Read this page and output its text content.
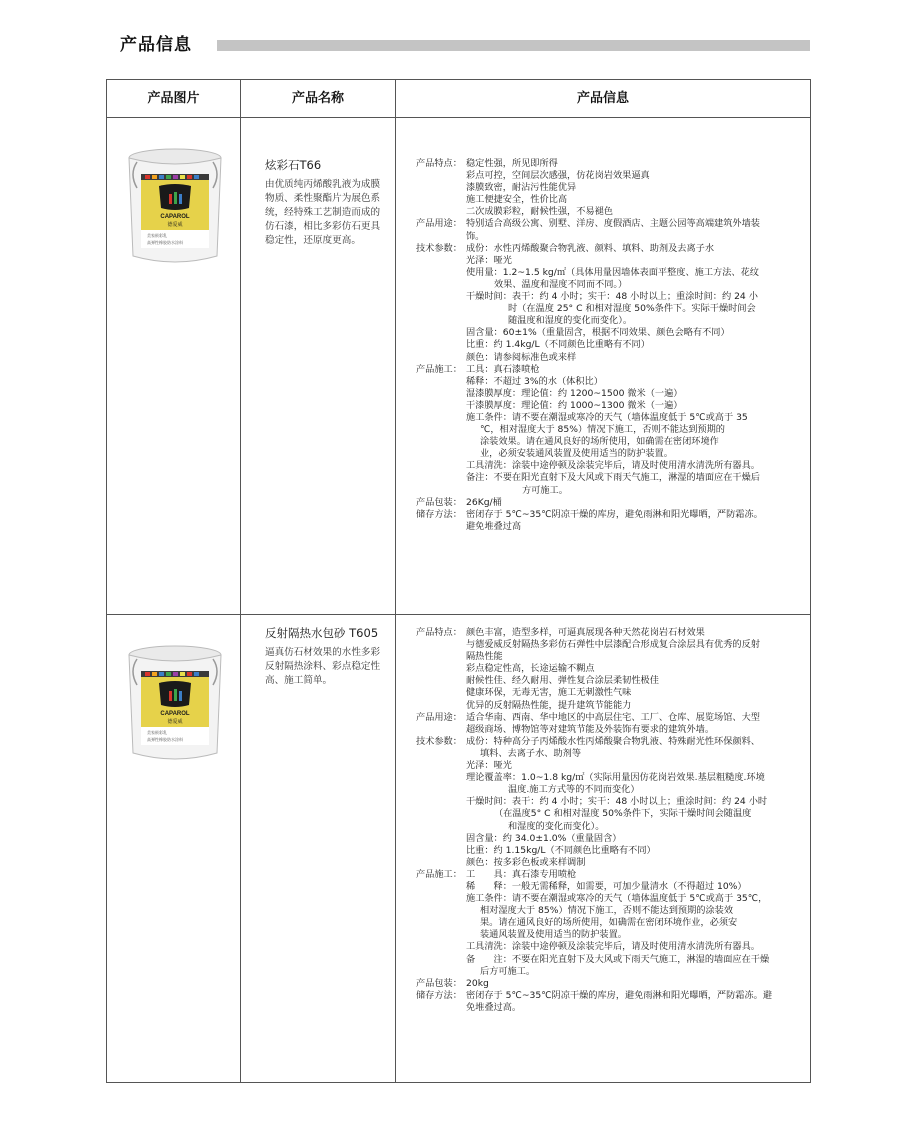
产品信息
产品图片	产品名称	产品信息
CAPAROL
德爱威
美家极彩乳
高弹性橡胶防水涂料
炫彩石T66
由优质纯丙烯酸乳液为成膜物质、柔性聚酯片为展色系统，经特殊工艺制造而成的仿石漆，相比多彩仿石更具稳定性，还原度更高。
产品特点： 稳定性强，所见即所得
彩点可控，空间层次感强，仿花岗岩效果逼真
漆膜致密，耐沾污性能优异
施工便捷安全，性价比高
二次成膜彩粒，耐候性强，不易褪色
产品用途： 特别适合高级公寓、别墅、洋房、度假酒店、主题公园等高端建筑外墙装
饰。
技术参数： 成份：水性丙烯酸聚合物乳液、颜料、填料、助剂及去离子水
光泽：哑光
使用量：1.2~1.5 kg/㎡（具体用量因墙体表面平整度、施工方法、花纹
效果、温度和湿度不同而不同。）
干燥时间：表干：约 4 小时；实干：48 小时以上；重涂时间：约 24 小
时（在温度 25° C 和相对湿度 50%条件下。实际干燥时间会
随温度和湿度的变化而变化）。
固含量：60±1%（重量固含，根据不同效果、颜色会略有不同）
比重：约 1.4kg/L（不同颜色比重略有不同）
颜色：请参阅标准色或来样
产品施工： 工具：真石漆喷枪
稀释：不超过 3%的水（体积比）
湿漆膜厚度：理论值：约 1200~1500 微米（一遍）
干漆膜厚度：理论值：约 1000~1300 微米（一遍）
施工条件：请不要在潮湿或寒冷的天气（墙体温度低于 5℃或高于 35
℃，相对湿度大于 85%）情况下施工，否则不能达到预期的
涂装效果。请在通风良好的场所使用，如确需在密闭环境作
业，必须安装通风装置及使用适当的防护装置。
工具清洗：涂装中途停顿及涂装完毕后，请及时使用清水清洗所有器具。
备注：不要在阳光直射下及大风或下雨天气施工，淋湿的墙面应在干燥后
方可施工。
产品包装： 26Kg/桶
储存方法： 密闭存于 5℃~35℃阴凉干燥的库房，避免雨淋和阳光曝晒，严防霜冻。
避免堆叠过高
CAPAROL
德爱威
美家极彩乳
高弹性橡胶防水涂料
反射隔热水包砂 T605
逼真仿石材效果的水性多彩反射隔热涂料、彩点稳定性高、施工简单。
产品特点： 颜色丰富，造型多样，可逼真展现各种天然花岗岩石材效果
与德爱威反射隔热多彩仿石弹性中层漆配合形成复合涂层具有优秀的反射
隔热性能
彩点稳定性高，长途运输不糊点
耐候性佳、经久耐用、弹性复合涂层柔韧性极佳
健康环保，无毒无害，施工无刺激性气味
优异的反射隔热性能，提升建筑节能能力
产品用途： 适合华南、西南、华中地区的中高层住宅、工厂、仓库、展览场馆、大型
超级商场、博物馆等对建筑节能及外装饰有要求的建筑外墙。
技术参数： 成份：特种高分子丙烯酸水性丙烯酸聚合物乳液、特殊耐光性环保颜料、
填料、去离子水、助剂等
光泽：哑光
理论覆盖率：1.0~1.8 kg/㎡（实际用量因仿花岗岩效果.基层粗糙度.环境
温度.施工方式等的不同而变化）
干燥时间：表干：约 4 小时；实干：48 小时以上；重涂时间：约 24 小时
（在温度5° C 和相对湿度 50%条件下，实际干燥时间会随温度
和湿度的变化而变化）。
固含量：约 34.0±1.0%（重量固含）
比重：约 1.15kg/L（不同颜色比重略有不同）
颜色：按多彩色板或来样调制
产品施工： 工　　具：真石漆专用喷枪
稀　　释：一般无需稀释，如需要，可加少量清水（不得超过 10%）
施工条件：请不要在潮湿或寒冷的天气（墙体温度低于 5℃或高于 35℃，
相对湿度大于 85%）情况下施工，否则不能达到预期的涂装效
果。请在通风良好的场所使用，如确需在密闭环境作业，必须安
装通风装置及使用适当的防护装置。
工具清洗：涂装中途停顿及涂装完毕后，请及时使用清水清洗所有器具。
备　　注：不要在阳光直射下及大风或下雨天气施工，淋湿的墙面应在干燥
后方可施工。
产品包装： 20kg
储存方法： 密闭存于 5℃~35℃阴凉干燥的库房，避免雨淋和阳光曝晒，严防霜冻。避
免堆叠过高。
